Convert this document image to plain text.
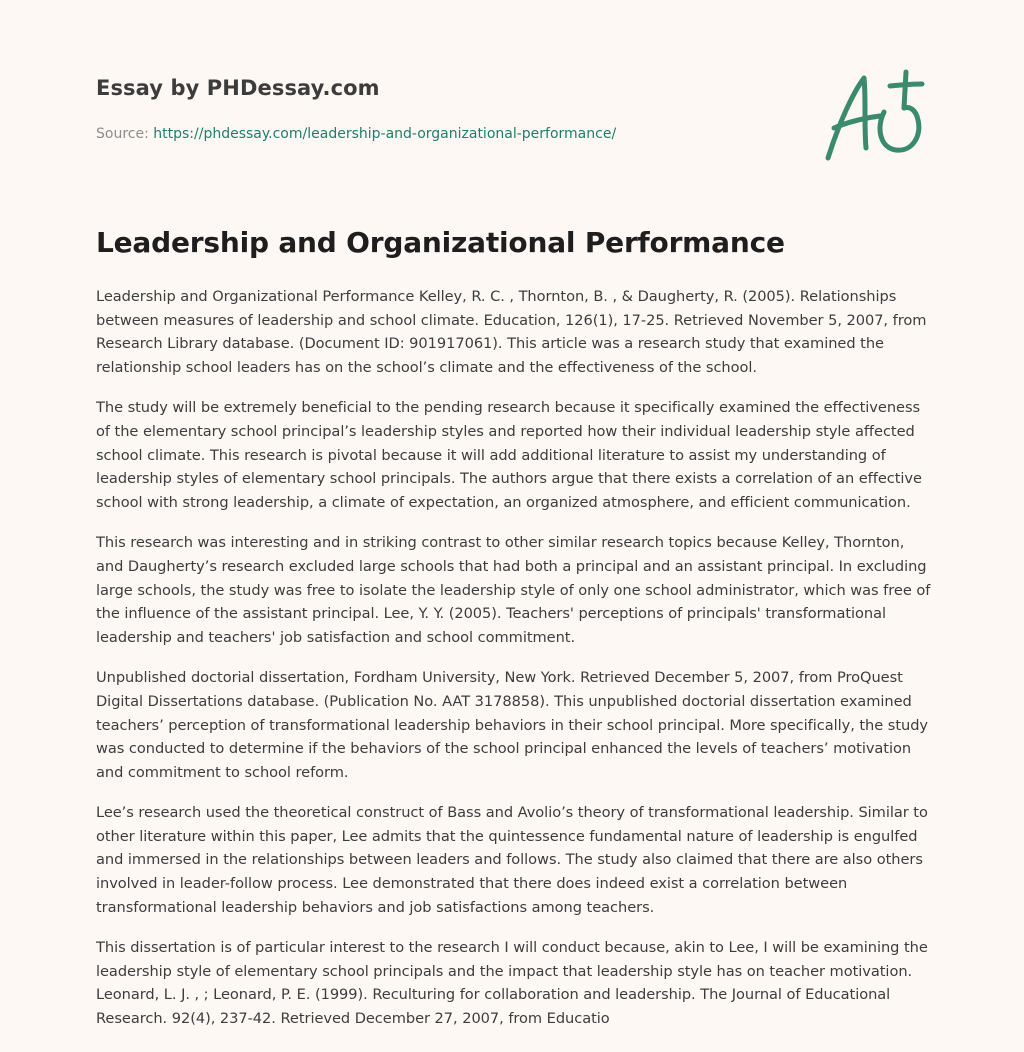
Essay by PHDessay.com
Source: https://phdessay.com/leadership-and-organizational-performance/
Leadership and Organizational Performance

Leadership and Organizational Performance Kelley, R. C. , Thornton, B. , & Daugherty, R. (2005). Relationships between measures of leadership and school climate. Education, 126(1), 17-25. Retrieved November 5, 2007, from Research Library database. (Document ID: 901917061). This article was a research study that examined the relationship school leaders has on the school’s climate and the effectiveness of the school.

The study will be extremely beneficial to the pending research because it specifically examined the effectiveness of the elementary school principal’s leadership styles and reported how their individual leadership style affected school climate. This research is pivotal because it will add additional literature to assist my understanding of leadership styles of elementary school principals. The authors argue that there exists a correlation of an effective school with strong leadership, a climate of expectation, an organized atmosphere, and efficient communication.

This research was interesting and in striking contrast to other similar research topics because Kelley, Thornton, and Daugherty’s research excluded large schools that had both a principal and an assistant principal. In excluding large schools, the study was free to isolate the leadership style of only one school administrator, which was free of the influence of the assistant principal. Lee, Y. Y. (2005). Teachers' perceptions of principals' transformational leadership and teachers' job satisfaction and school commitment.

Unpublished doctorial dissertation, Fordham University, New York. Retrieved December 5, 2007, from ProQuest Digital Dissertations database. (Publication No. AAT 3178858). This unpublished doctorial dissertation examined teachers’ perception of transformational leadership behaviors in their school principal. More specifically, the study was conducted to determine if the behaviors of the school principal enhanced the levels of teachers’ motivation and commitment to school reform.

Lee’s research used the theoretical construct of Bass and Avolio’s theory of transformational leadership. Similar to other literature within this paper, Lee admits that the quintessence fundamental nature of leadership is engulfed and immersed in the relationships between leaders and follows. The study also claimed that there are also others involved in leader-follow process. Lee demonstrated that there does indeed exist a correlation between transformational leadership behaviors and job satisfactions among teachers.

This dissertation is of particular interest to the research I will conduct because, akin to Lee, I will be examining the leadership style of elementary school principals and the impact that leadership style has on teacher motivation. Leonard, L. J. , ; Leonard, P. E. (1999). Reculturing for collaboration and leadership. The Journal of Educational Research. 92(4), 237-42. Retrieved December 27, 2007, from Educatio
